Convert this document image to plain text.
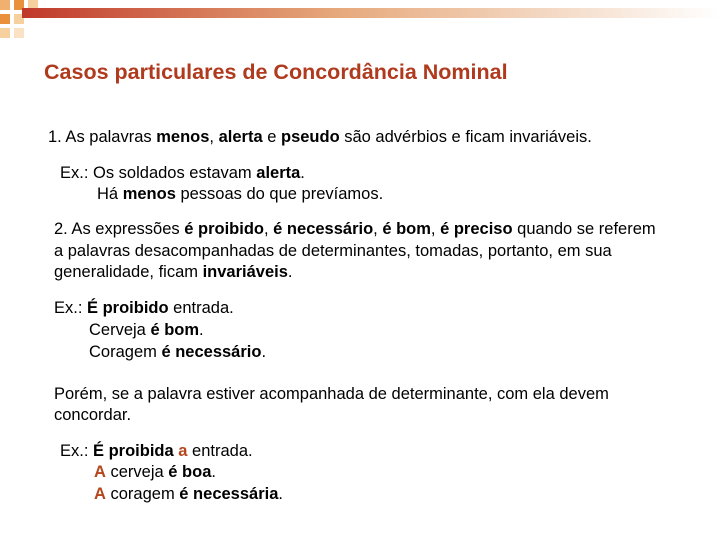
Casos particulares de Concordância Nominal
1. As palavras menos, alerta e pseudo são advérbios e ficam invariáveis.
Ex.: Os soldados estavam alerta.
Há menos pessoas do que prevíamos.
2. As expressões é proibido, é necessário, é bom, é preciso quando se referem
a palavras desacompanhadas de determinantes, tomadas, portanto, em sua
generalidade, ficam invariáveis.
Ex.: É proibido entrada.
Cerveja é bom.
Coragem é necessário.
Porém, se a palavra estiver acompanhada de determinante, com ela devem
concordar.
Ex.: É proibida a entrada.
A cerveja é boa.
A coragem é necessária.
